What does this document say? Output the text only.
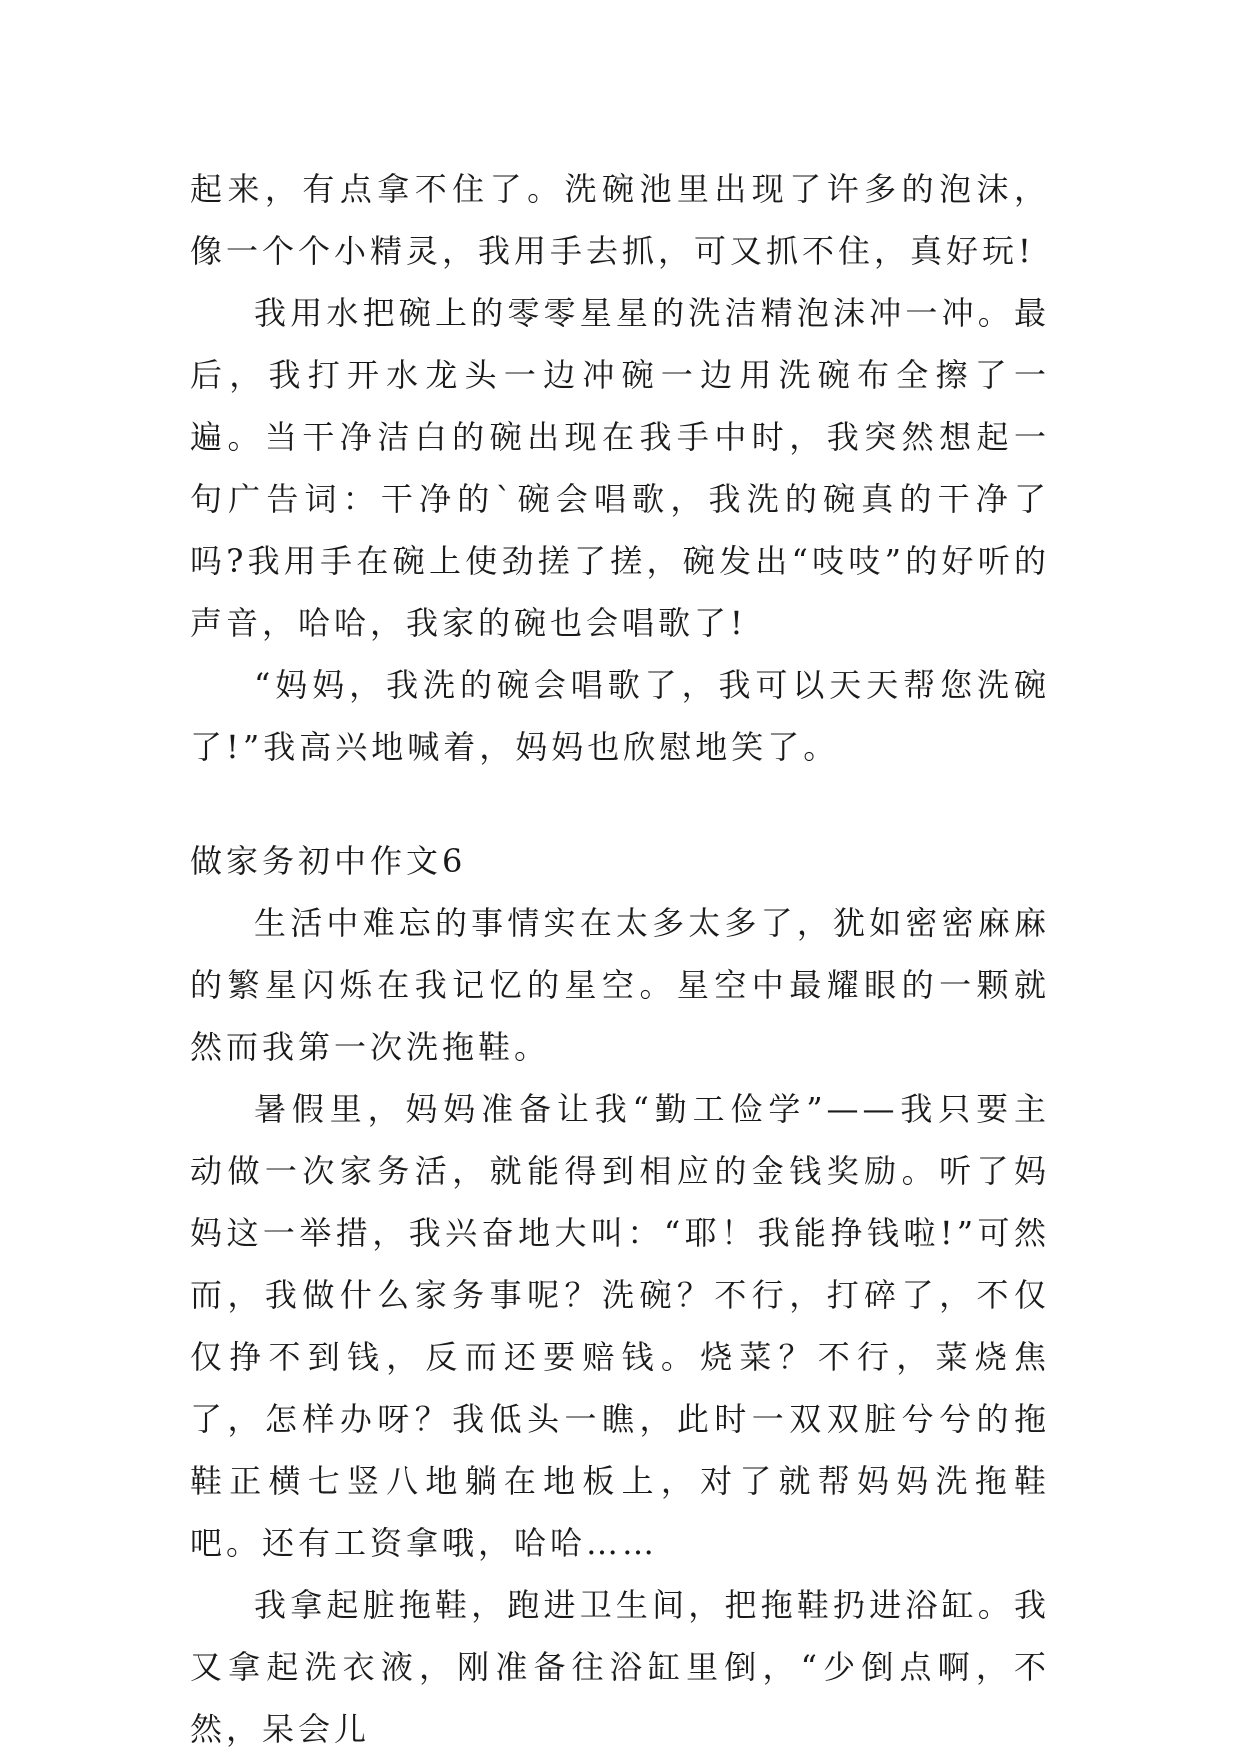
起来，有点拿不住了。洗碗池里出现了许多的泡沫，像一个个小精灵，我用手去抓，可又抓不住，真好玩!

我用水把碗上的零零星星的洗洁精泡沫冲一冲。最后，我打开水龙头一边冲碗一边用洗碗布全擦了一遍。当干净洁白的碗出现在我手中时，我突然想起一句广告词：干净的`碗会唱歌，我洗的碗真的干净了吗?我用手在碗上使劲搓了搓，碗发出“吱吱”的好听的声音，哈哈，我家的碗也会唱歌了!

“妈妈，我洗的碗会唱歌了，我可以天天帮您洗碗了!”我高兴地喊着，妈妈也欣慰地笑了。

做家务初中作文6

生活中难忘的事情实在太多太多了，犹如密密麻麻的繁星闪烁在我记忆的星空。星空中最耀眼的一颗就然而我第一次洗拖鞋。

暑假里，妈妈准备让我“勤工俭学”——我只要主动做一次家务活，就能得到相应的金钱奖励。听了妈妈这一举措，我兴奋地大叫：“耶！我能挣钱啦!”可然而，我做什么家务事呢？洗碗？不行，打碎了，不仅仅挣不到钱，反而还要赔钱。烧菜？不行，菜烧焦了，怎样办呀？我低头一瞧，此时一双双脏兮兮的拖鞋正横七竖八地躺在地板上，对了就帮妈妈洗拖鞋吧。还有工资拿哦，哈哈……

我拿起脏拖鞋，跑进卫生间，把拖鞋扔进浴缸。我又拿起洗衣液，刚准备往浴缸里倒，“少倒点啊，不然，呆会儿
